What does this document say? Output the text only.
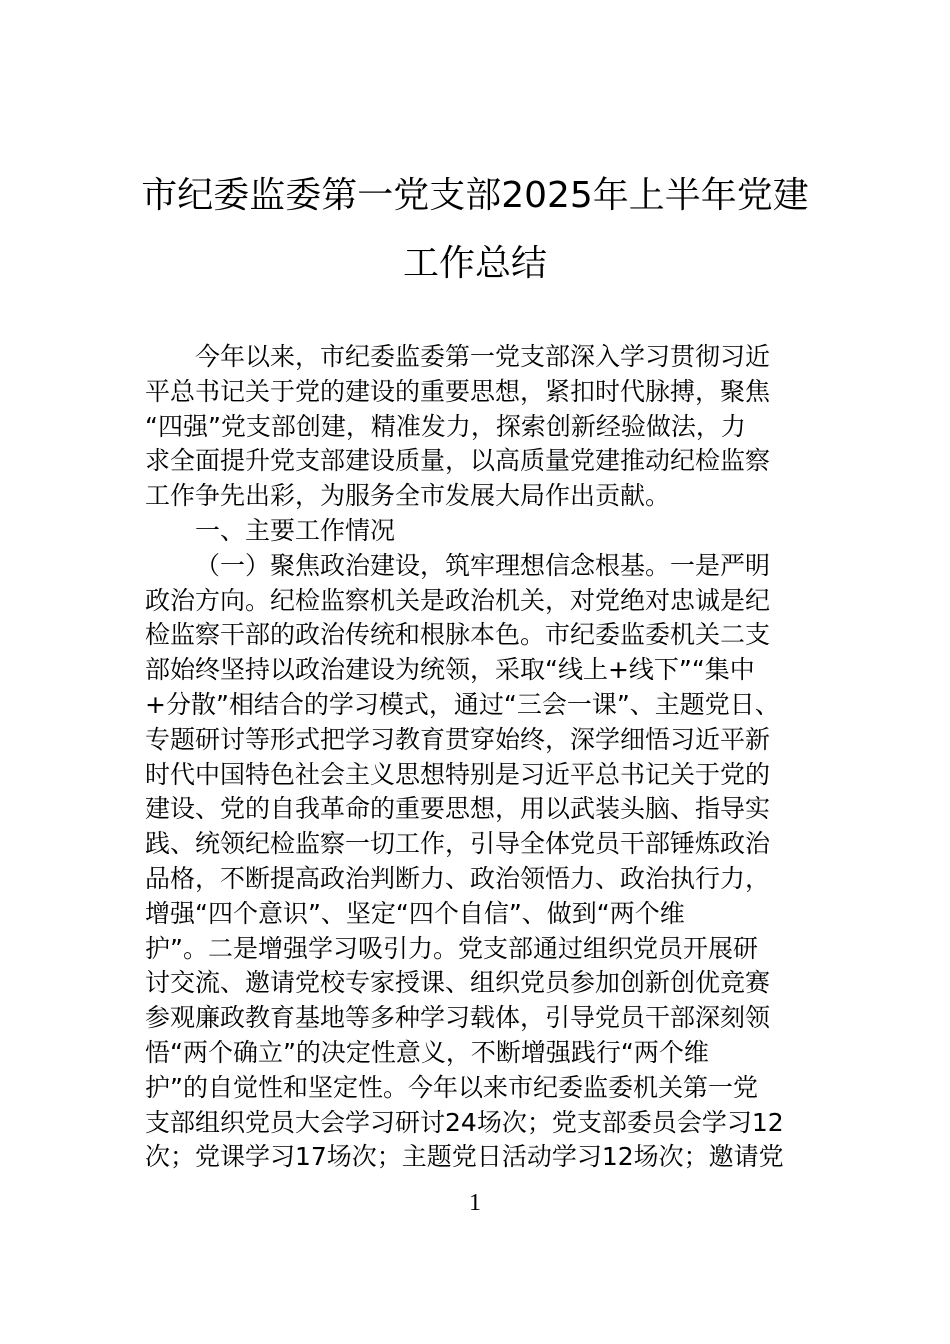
市纪委监委第一党支部2025年上半年党建
工作总结
今年以来，市纪委监委第一党支部深入学习贯彻习近
平总书记关于党的建设的重要思想，紧扣时代脉搏，聚焦
“四强”党支部创建，精准发力，探索创新经验做法，力
求全面提升党支部建设质量，以高质量党建推动纪检监察
工作争先出彩，为服务全市发展大局作出贡献。
一、主要工作情况
（一）聚焦政治建设，筑牢理想信念根基。一是严明
政治方向。纪检监察机关是政治机关，对党绝对忠诚是纪
检监察干部的政治传统和根脉本色。市纪委监委机关二支
部始终坚持以政治建设为统领，采取“线上+线下”“集中
+分散”相结合的学习模式，通过“三会一课”、主题党日、
专题研讨等形式把学习教育贯穿始终，深学细悟习近平新
时代中国特色社会主义思想特别是习近平总书记关于党的
建设、党的自我革命的重要思想，用以武装头脑、指导实
践、统领纪检监察一切工作，引导全体党员干部锤炼政治
品格，不断提高政治判断力、政治领悟力、政治执行力，
增强“四个意识”、坚定“四个自信”、做到“两个维
护”。二是增强学习吸引力。党支部通过组织党员开展研
讨交流、邀请党校专家授课、组织党员参加创新创优竞赛
参观廉政教育基地等多种学习载体，引导党员干部深刻领
悟“两个确立”的决定性意义，不断增强践行“两个维
护”的自觉性和坚定性。今年以来市纪委监委机关第一党
支部组织党员大会学习研讨24场次；党支部委员会学习12
次；党课学习17场次；主题党日活动学习12场次；邀请党
1
